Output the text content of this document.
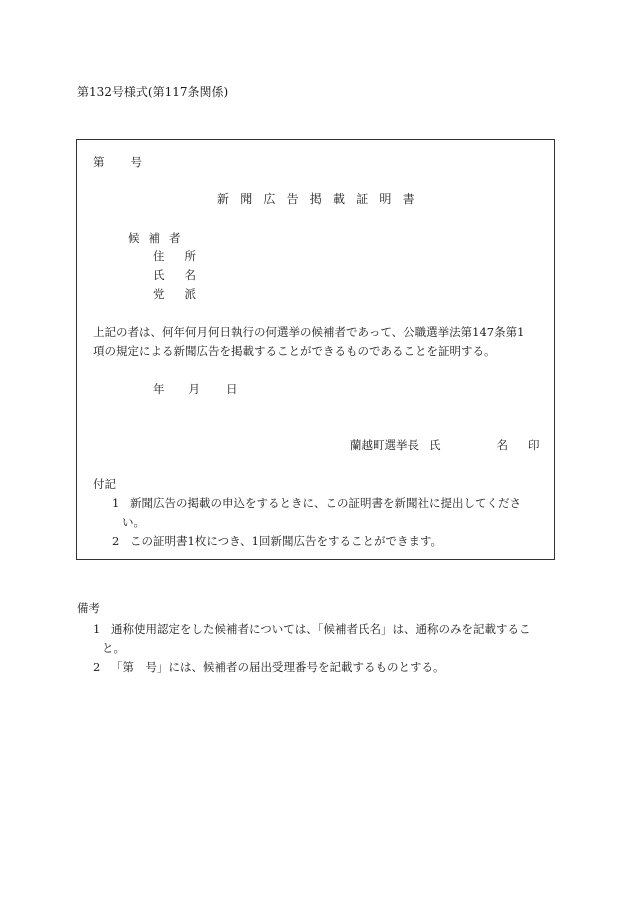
第132号様式(第117条関係)
第 号
新聞広告掲載証明書
候補者
住所
氏名
党派
上記の者は、何年何月何日執行の何選挙の候補者であって、公職選挙法第147条第1
項の規定による新聞広告を掲載することができるものであることを証明する。
年 月 日
蘭越町選挙長 氏	名 印
付記
1 新聞広告の掲載の申込をするときに、この証明書を新聞社に提出してくださ
い。
2 この証明書1枚につき、1回新聞広告をすることができます。
備考
1 通称使用認定をした候補者については、「候補者氏名」は、通称のみを記載するこ
と。
2 「第　号」には、候補者の届出受理番号を記載するものとする。
